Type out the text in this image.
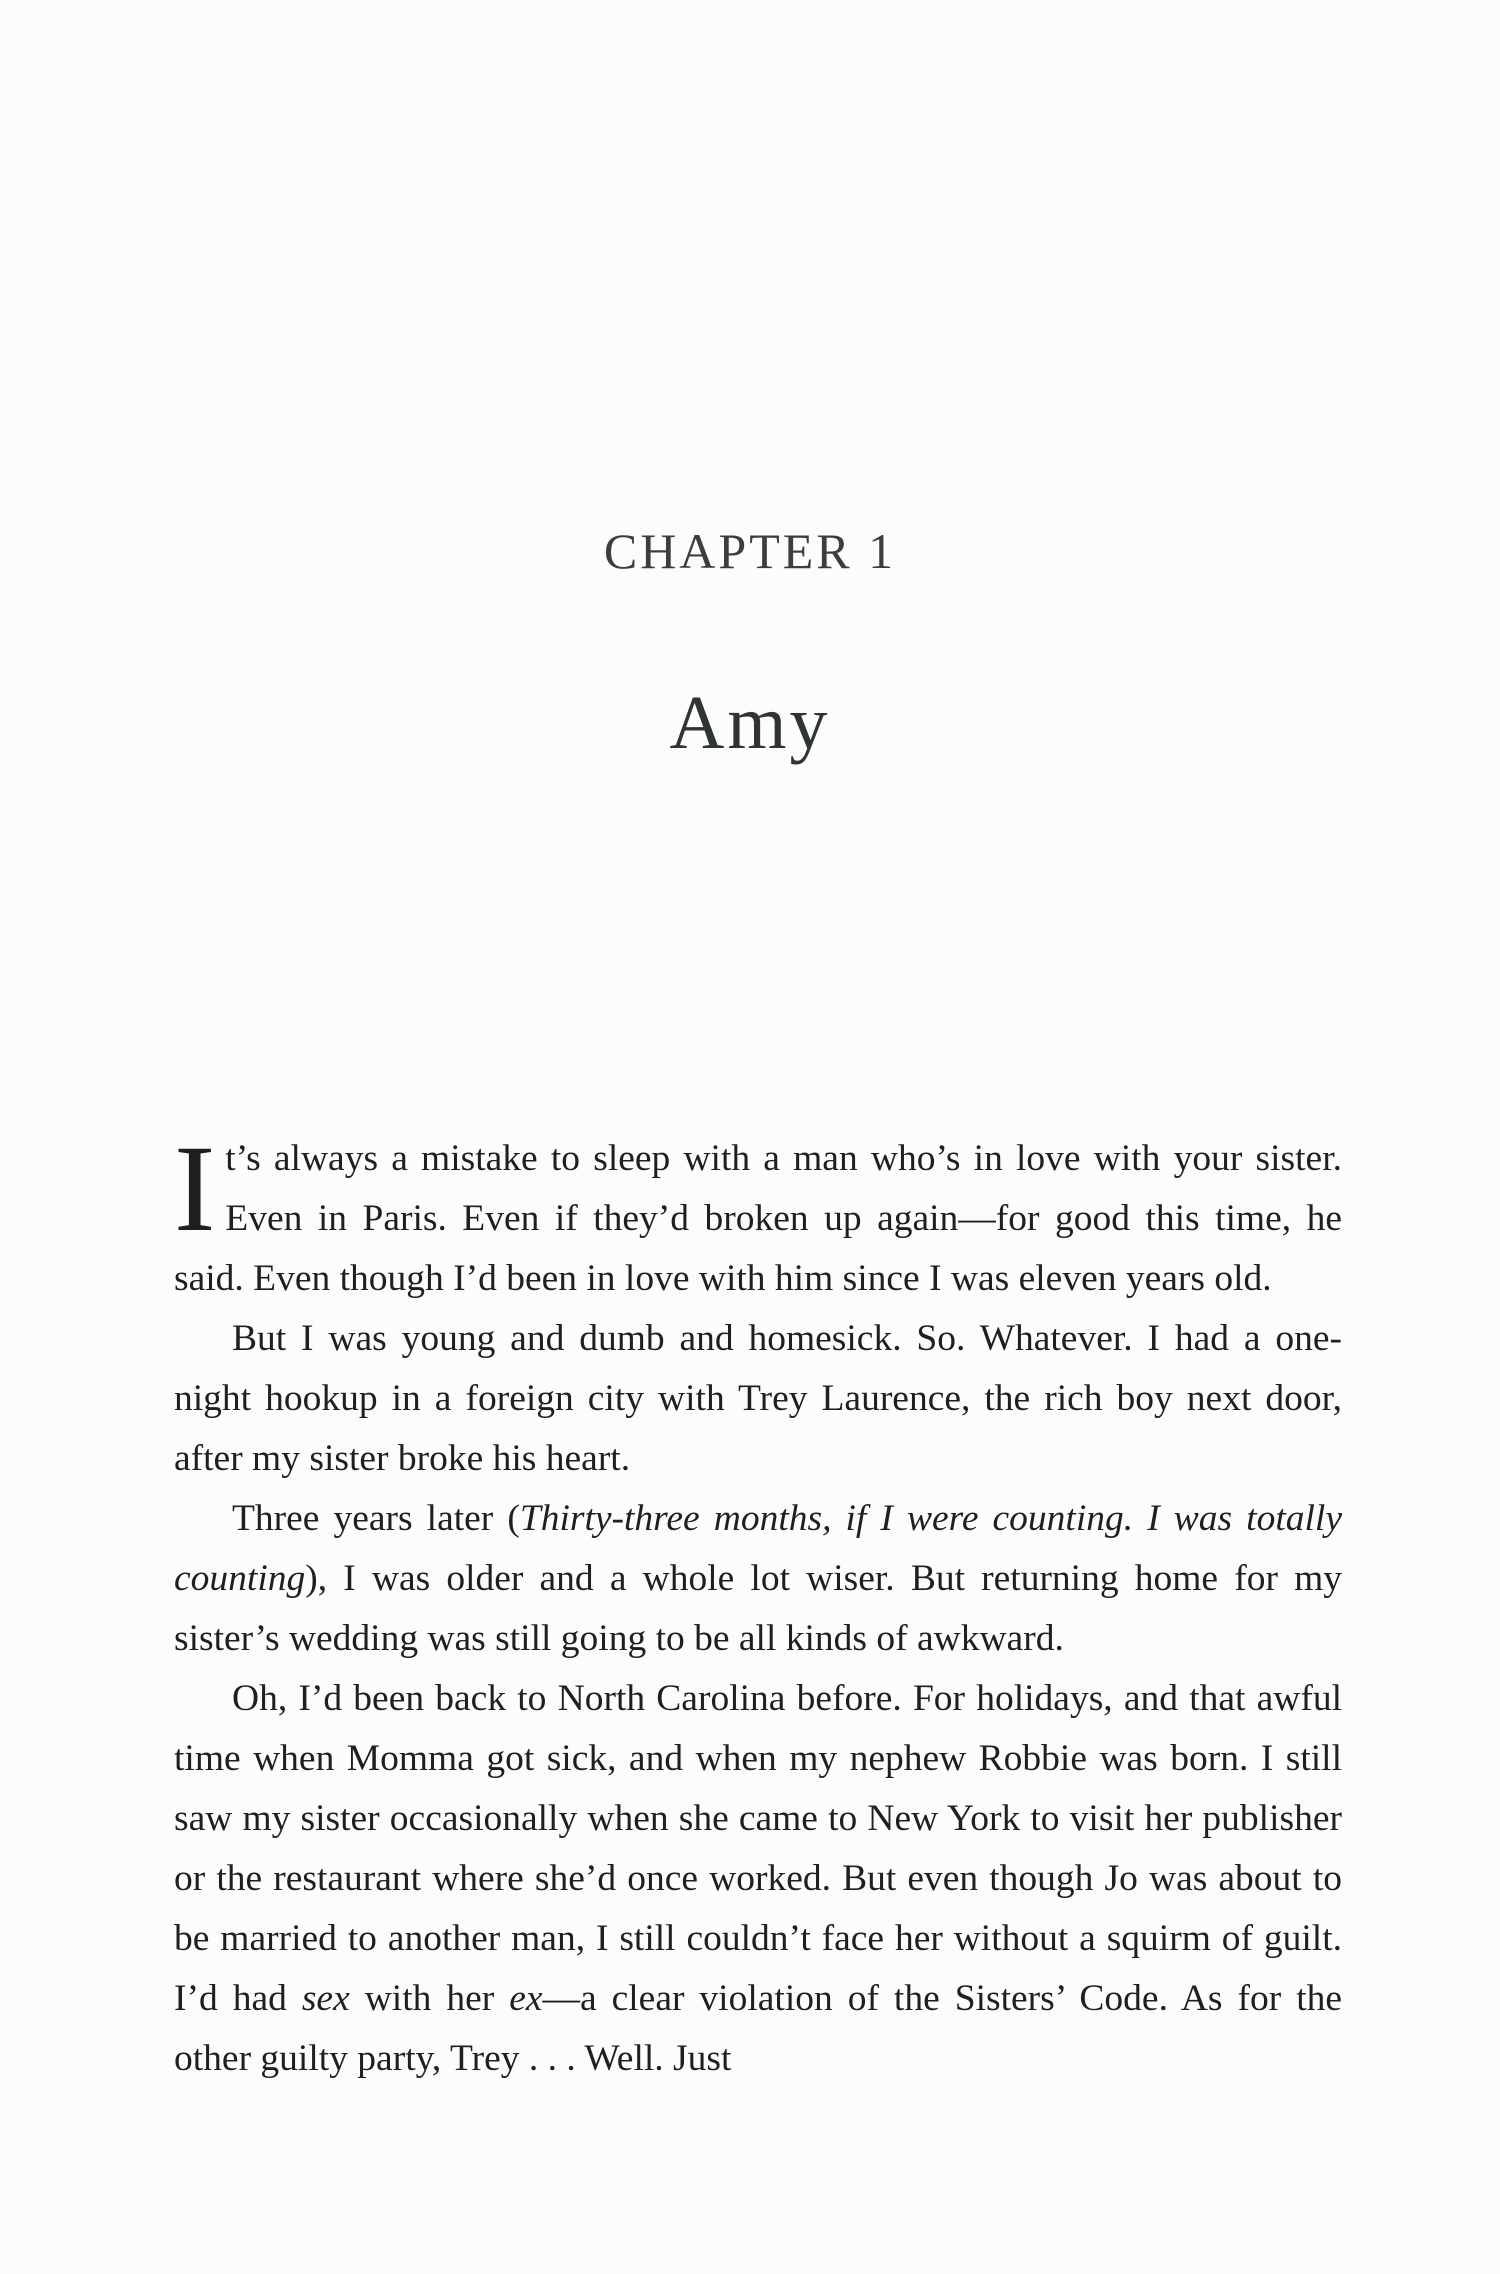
CHAPTER 1
Amy

It’s always a mistake to sleep with a man who’s in love with your sister. Even in Paris. Even if they’d broken up again—for good this time, he said. Even though I’d been in love with him since I was eleven years old.

But I was young and dumb and homesick. So. Whatever. I had a one-night hookup in a foreign city with Trey Laurence, the rich boy next door, after my sister broke his heart.

Three years later (Thirty-three months, if I were counting. I was totally counting), I was older and a whole lot wiser. But returning home for my sister’s wedding was still going to be all kinds of awkward.

Oh, I’d been back to North Carolina before. For holidays, and that awful time when Momma got sick, and when my nephew Robbie was born. I still saw my sister occasionally when she came to New York to visit her publisher or the restaurant where she’d once worked. But even though Jo was about to be married to another man, I still couldn’t face her without a squirm of guilt. I’d had sex with her ex—a clear violation of the Sisters’ Code. As for the other guilty party, Trey . . . Well. Just
